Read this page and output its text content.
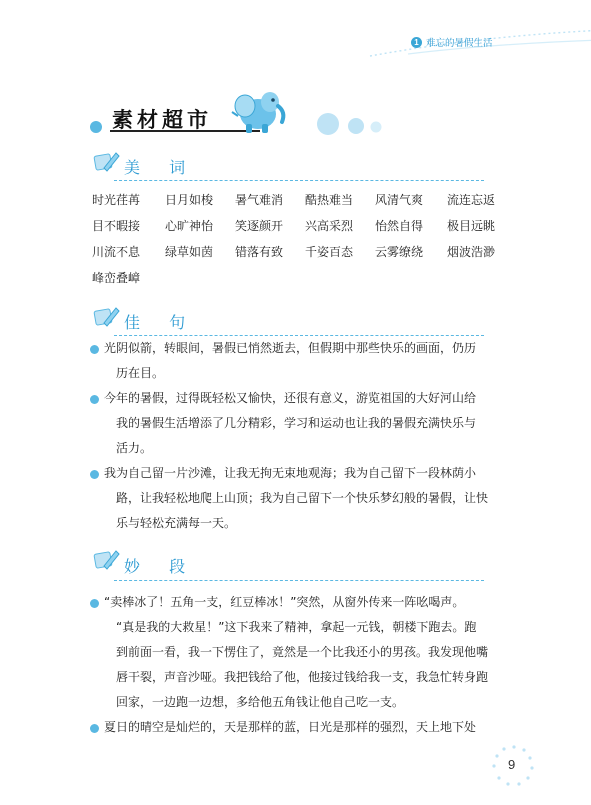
1 难忘的暑假生活
素材超市
美 词
时光荏苒 日月如梭 暑气难消 酷热难当 风清气爽 流连忘返
目不暇接 心旷神怡 笑逐颜开 兴高采烈 怡然自得 极目远眺
川流不息 绿草如茵 错落有致 千姿百态 云雾缭绕 烟波浩渺
峰峦叠嶂
佳 句
光阴似箭，转眼间，暑假已悄然逝去，但假期中那些快乐的画面，仍历
历在目。
今年的暑假，过得既轻松又愉快，还很有意义，游览祖国的大好河山给
我的暑假生活增添了几分精彩，学习和运动也让我的暑假充满快乐与
活力。
我为自己留一片沙滩，让我无拘无束地观海；我为自己留下一段林荫小
路，让我轻松地爬上山顶；我为自己留下一个快乐梦幻般的暑假，让快
乐与轻松充满每一天。
妙 段
“卖棒冰了！五角一支，红豆棒冰！”突然，从窗外传来一阵吆喝声。
“真是我的大救星！”这下我来了精神，拿起一元钱，朝楼下跑去。跑
到前面一看，我一下愣住了，竟然是一个比我还小的男孩。我发现他嘴
唇干裂，声音沙哑。我把钱给了他，他接过钱给我一支，我急忙转身跑
回家，一边跑一边想，多给他五角钱让他自己吃一支。
夏日的晴空是灿烂的，天是那样的蓝，日光是那样的强烈，天上地下处
9
